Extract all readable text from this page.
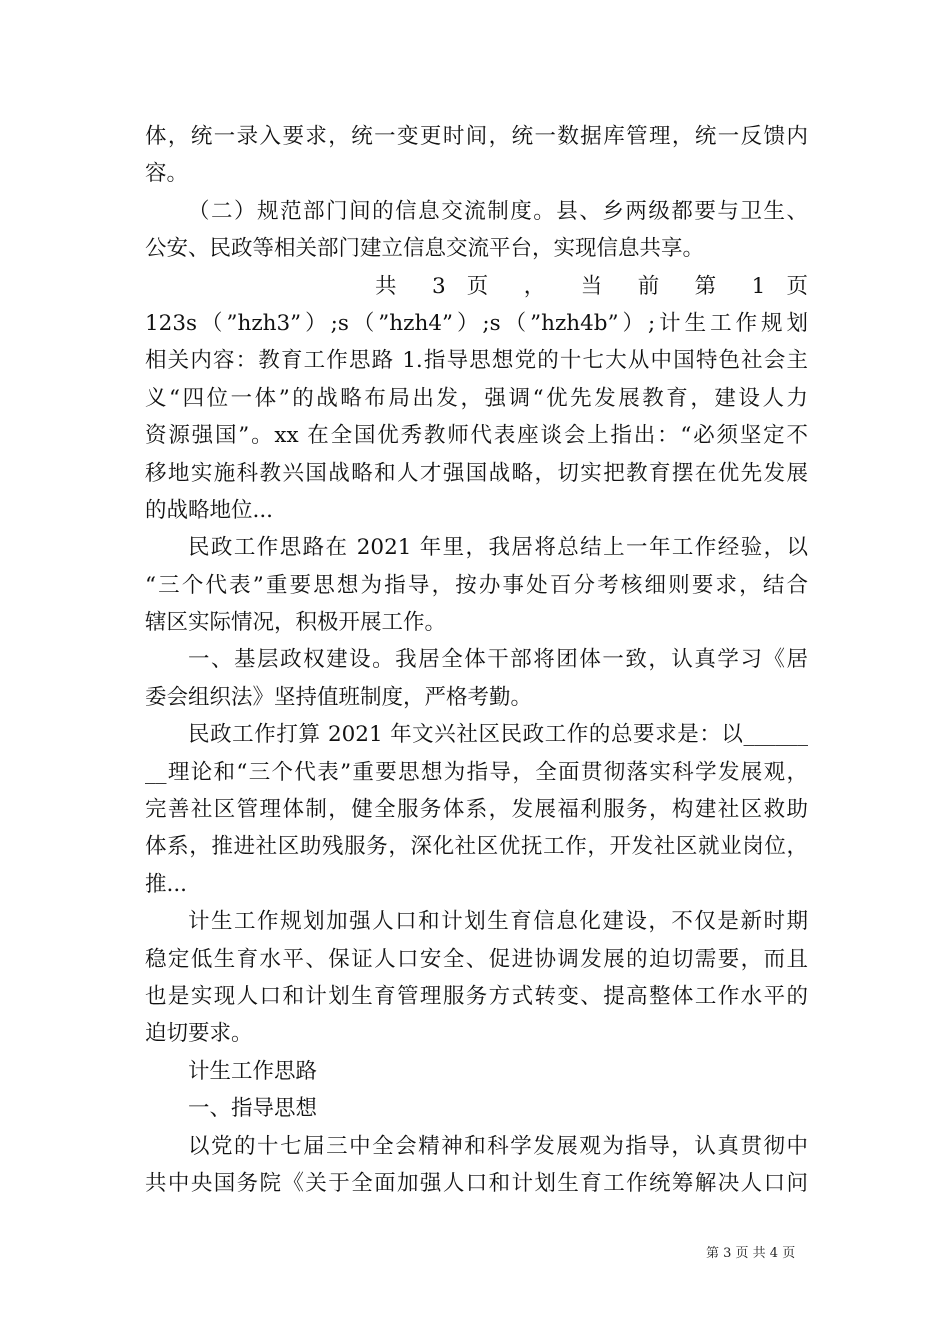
体，统一录入要求，统一变更时间，统一数据库管理，统一反馈内
容。
（二）规范部门间的信息交流制度。县、乡两级都要与卫生、
公安、民政等相关部门建立信息交流平台，实现信息共享。
共 3 页 ， 当 前 第 1 页
123s（”hzh3”）;s（”hzh4”）;s（”hzh4b”）;计生工作规划
相关内容：教育工作思路 1.指导思想党的十七大从中国特色社会主
义“四位一体”的战略布局出发，强调“优先发展教育，建设人力
资源强国”。xx 在全国优秀教师代表座谈会上指出：“必须坚定不
移地实施科教兴国战略和人才强国战略，切实把教育摆在优先发展
的战略地位...
民政工作思路在 2021 年里，我居将总结上一年工作经验，以
“三个代表”重要思想为指导，按办事处百分考核细则要求，结合
辖区实际情况，积极开展工作。
一、基层政权建设。我居全体干部将团体一致，认真学习《居
委会组织法》坚持值班制度，严格考勤。
民政工作打算 2021 年文兴社区民政工作的总要求是：以______
__理论和“三个代表”重要思想为指导，全面贯彻落实科学发展观，
完善社区管理体制，健全服务体系，发展福利服务，构建社区救助
体系，推进社区助残服务，深化社区优抚工作，开发社区就业岗位，
推...
计生工作规划加强人口和计划生育信息化建设，不仅是新时期
稳定低生育水平、保证人口安全、促进协调发展的迫切需要，而且
也是实现人口和计划生育管理服务方式转变、提高整体工作水平的
迫切要求。
计生工作思路
一、指导思想
以党的十七届三中全会精神和科学发展观为指导，认真贯彻中
共中央国务院《关于全面加强人口和计划生育工作统筹解决人口问
第 3 页 共 4 页
